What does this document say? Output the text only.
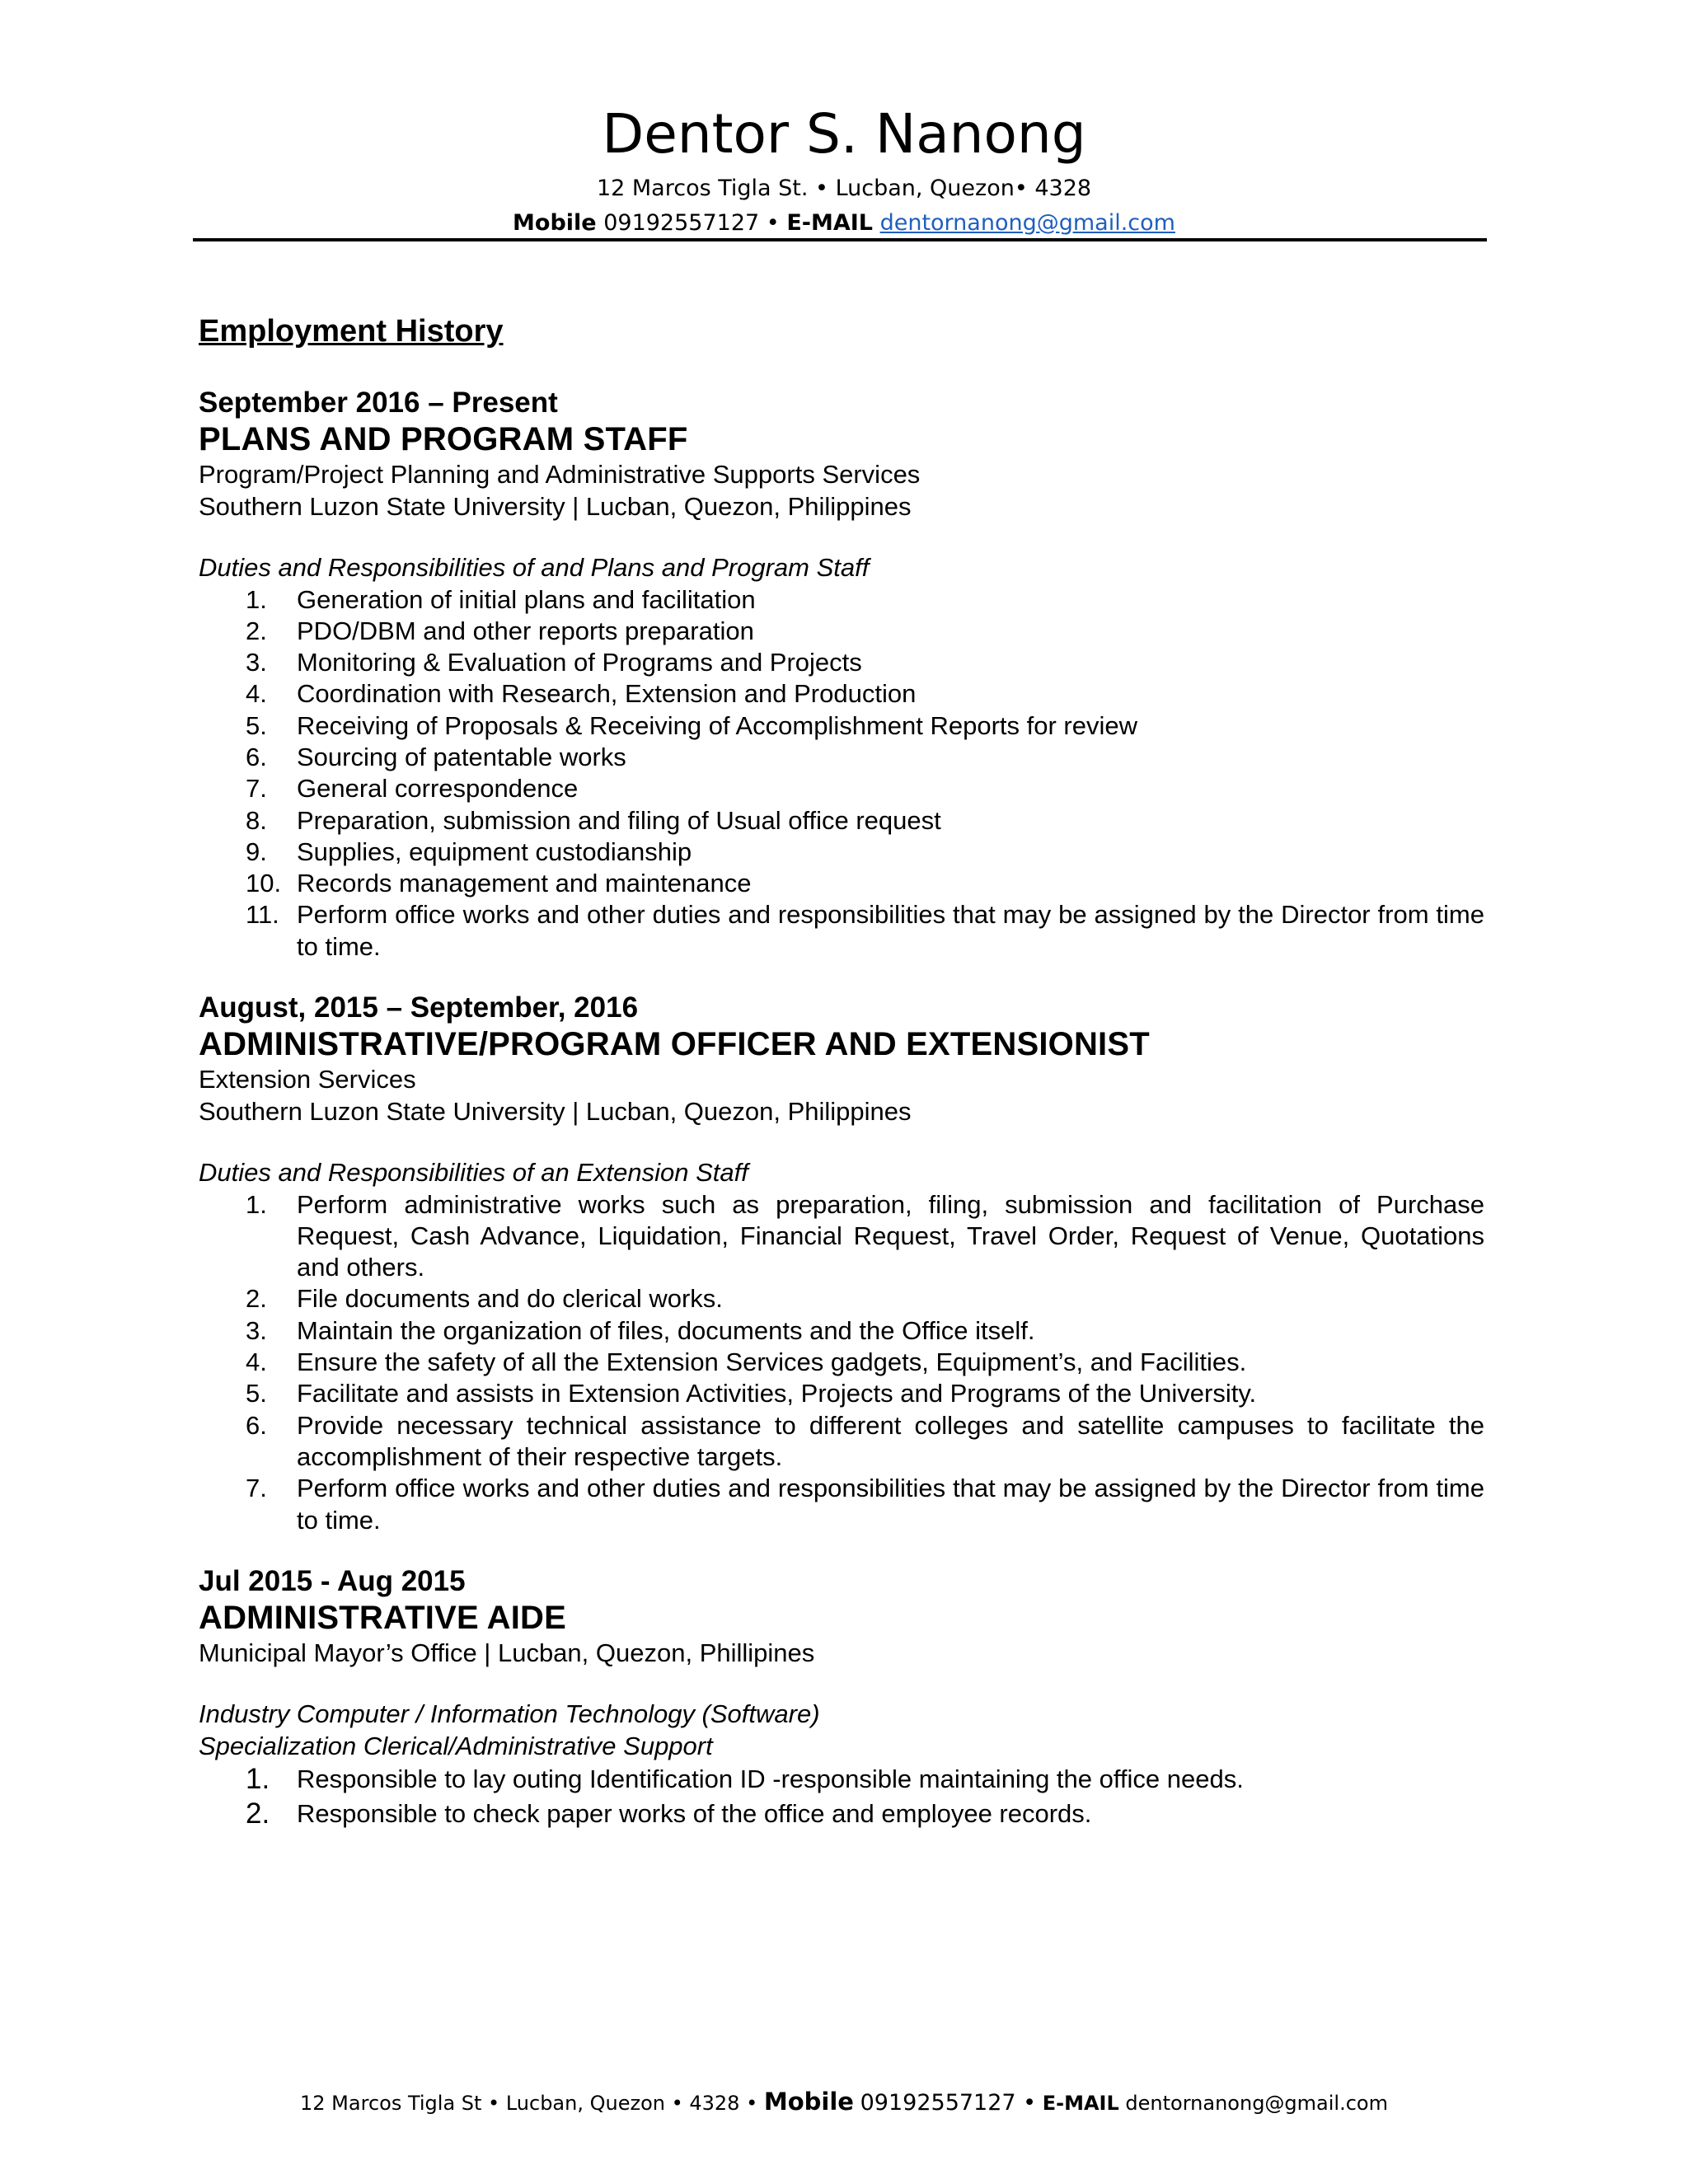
Dentor S. Nanong
12 Marcos Tigla St. • Lucban, Quezon• 4328
Mobile 09192557127 • E-MAIL dentornanong@gmail.com
Employment History
September 2016 – Present
PLANS AND PROGRAM STAFF
Program/Project Planning and Administrative Supports Services
Southern Luzon State University | Lucban, Quezon, Philippines
Duties and Responsibilities of and Plans and Program Staff
1. Generation of initial plans and facilitation
2. PDO/DBM and other reports preparation
3. Monitoring & Evaluation of Programs and Projects
4. Coordination with Research, Extension and Production
5. Receiving of Proposals & Receiving of Accomplishment Reports for review
6. Sourcing of patentable works
7. General correspondence
8. Preparation, submission and filing of Usual office request
9. Supplies, equipment custodianship
10. Records management and maintenance
11. Perform office works and other duties and responsibilities that may be assigned by the Director from time to time.
August, 2015 – September, 2016
ADMINISTRATIVE/PROGRAM OFFICER AND EXTENSIONIST
Extension Services
Southern Luzon State University | Lucban, Quezon, Philippines
Duties and Responsibilities of an Extension Staff
1. Perform administrative works such as preparation, filing, submission and facilitation of Purchase Request, Cash Advance, Liquidation, Financial Request, Travel Order, Request of Venue, Quotations and others.
2. File documents and do clerical works.
3. Maintain the organization of files, documents and the Office itself.
4. Ensure the safety of all the Extension Services gadgets, Equipment’s, and Facilities.
5. Facilitate and assists in Extension Activities, Projects and Programs of the University.
6. Provide necessary technical assistance to different colleges and satellite campuses to facilitate the accomplishment of their respective targets.
7. Perform office works and other duties and responsibilities that may be assigned by the Director from time to time.
Jul 2015 - Aug 2015
ADMINISTRATIVE AIDE
Municipal Mayor’s Office | Lucban, Quezon, Phillipines
Industry Computer / Information Technology (Software)
Specialization Clerical/Administrative Support
1. Responsible to lay outing Identification ID -responsible maintaining the office needs.
2. Responsible to check paper works of the office and employee records.
12 Marcos Tigla St • Lucban, Quezon • 4328 • Mobile 09192557127 • E-MAIL dentornanong@gmail.com
